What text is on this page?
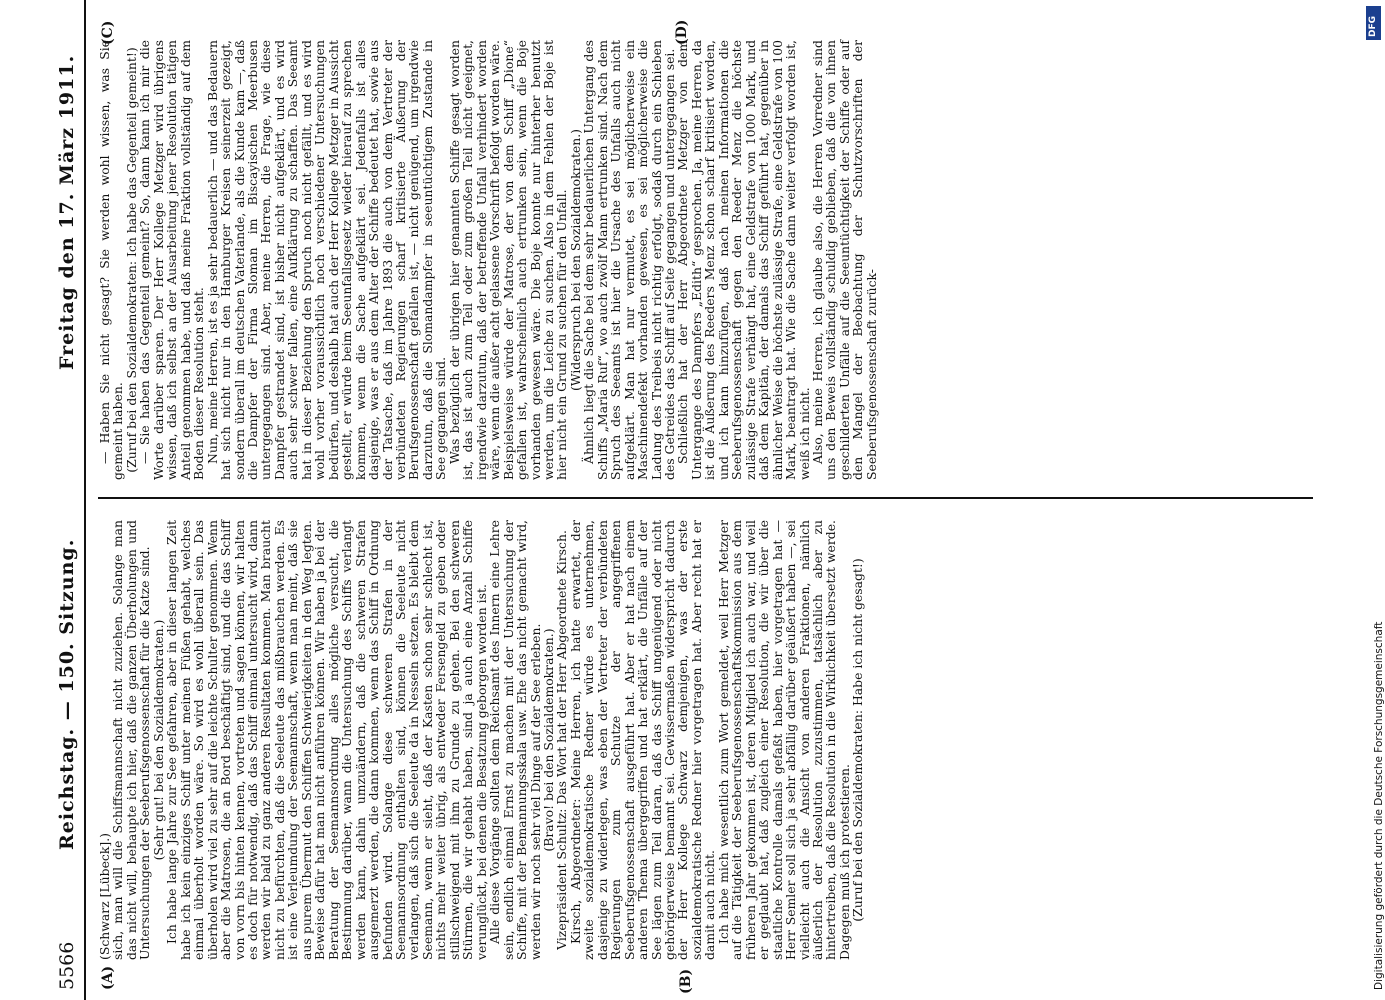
5566
Reichstag. — 150. Sitzung.
Freitag den 17. März 1911.
(A)	(B)
(C)	(D)

(Schwarz [Lübeck].)

sich, man will die Schiffsmannschaft nicht zuziehen. Solange man das nicht will, behaupte ich hier, daß die ganzen Überholungen und Untersuchungen der Seeberufsgenossenschaft für die Katze sind.

(Sehr gut! bei den Sozialdemokraten.)

Ich habe lange Jahre zur See gefahren, aber in dieser langen Zeit habe ich kein einziges Schiff unter meinen Füßen gehabt, welches einmal überholt worden wäre. So wird es wohl überall sein. Das überholen wird viel zu sehr auf die leichte Schulter genommen. Wenn aber die Matrosen, die an Bord beschäftigt sind, und die das Schiff von vorn bis hinten kennen, vortreten und sagen können, wir halten es doch für notwendig, daß das Schiff einmal untersucht wird, dann werden wir bald zu ganz anderen Resultaten kommen. Man braucht nicht zu befürchten, daß die Seeleute das mißbrauchen werden. Es ist eine Verleumdung der Seemannschaft, wenn man meint, daß sie aus purem Übermut den Schiffen Schwierigkeiten in den Weg legten. Beweise dafür hat man nicht anführen können. Wir haben ja bei der Beratung der Seemannsordnung alles mögliche versucht, die Bestimmung darüber, wann die Untersuchung des Schiffs verlangt werden kann, dahin umzuändern, daß die schweren Strafen ausgemerzt werden, die dann kommen, wenn das Schiff in Ordnung befunden wird. Solange diese schweren Strafen in der Seemannsordnung enthalten sind, können die Seeleute nicht verlangen, daß sich die Seeleute da in Nesseln setzen. Es bleibt dem Seemann, wenn er sieht, daß der Kasten schon sehr schlecht ist, nichts mehr weiter übrig, als entweder Fersengeld zu geben oder stillschweigend mit ihm zu Grunde zu gehen. Bei den schweren Stürmen, die wir gehabt haben, sind ja auch eine Anzahl Schiffe verunglückt, bei denen die Besatzung geborgen worden ist.

Alle diese Vorgänge sollten dem Reichsamt des Innern eine Lehre sein, endlich einmal Ernst zu machen mit der Untersuchung der Schiffe, mit der Bemannungsskala usw. Ehe das nicht gemacht wird, werden wir noch sehr viel Dinge auf der See erleben.

(Bravo! bei den Sozialdemokraten.)

Vizepräsident Schultz: Das Wort hat der Herr Abgeordnete Kirsch.

Kirsch, Abgeordneter: Meine Herren, ich hatte erwartet, der zweite sozialdemokratische Redner würde es unternehmen, dasjenige zu widerlegen, was eben der Vertreter der verbündeten Regierungen zum Schutze der angegriffenen Seeberufsgenossenschaft ausgeführt hat. Aber er hat nach einem anderen Thema übergegriffen und hat erklärt, die Unfälle auf der See lägen zum Teil daran, daß das Schiff ungenügend oder nicht gehörigerweise bemannt sei. Gewissermaßen widerspricht dadurch der Herr Kollege Schwarz demjenigen, was der erste sozialdemokratische Redner hier vorgetragen hat. Aber recht hat er damit auch nicht.

Ich habe mich wesentlich zum Wort gemeldet, weil Herr Metzger auf die Tätigkeit der Seeberufsgenossenschaftskommission aus dem früheren Jahr gekommen ist, deren Mitglied ich auch war, und weil er geglaubt hat, daß zugleich einer Resolution, die wir über die staatliche Kontrolle damals gefaßt haben, hier vorgetragen hat — Herr Semler soll sich ja sehr abfällig darüber geäußert haben —, sei vielleicht auch die Ansicht von anderen Fraktionen, nämlich äußerlich der Resolution zuzustimmen, tatsächlich aber zu hintertreiben, daß die Resolution in die Wirklichkeit übersetzt werde. Dagegen muß ich protestieren.

(Zuruf bei den Sozialdemokraten: Habe ich nicht gesagt!)

— Haben Sie nicht gesagt? Sie werden wohl wissen, was Sie gemeint haben.

(Zuruf bei den Sozialdemokraten: Ich habe das Gegenteil gemeint!)

— Sie haben das Gegenteil gemeint? So, dann kann ich mir die Worte darüber sparen. Der Herr Kollege Metzger wird übrigens wissen, daß ich selbst an der Ausarbeitung jener Resolution tätigen Anteil genommen habe, und daß meine Fraktion vollständig auf dem Boden dieser Resolution steht.

Nun, meine Herren, ist es ja sehr bedauerlich — und das Bedauern hat sich nicht nur in den Hamburger Kreisen seinerzeit gezeigt, sondern überall im deutschen Vaterlande, als die Kunde kam —, daß die Dampfer der Firma Sloman im Biscayischen Meerbusen untergegangen sind. Aber, meine Herren, die Frage, wie diese Dampfer gestrandet sind, ist bisher nicht aufgeklärt, und es wird auch sehr schwer fallen, eine Aufklärung zu schaffen. Das Seeamt hat in dieser Beziehung den Spruch noch nicht gefällt, und es wird wohl vorher voraussichtlich noch verschiedener Untersuchungen bedürfen, und deshalb hat auch der Herr Kollege Metzger in Aussicht gestellt, er würde beim Seeunfallsgesetz wieder hierauf zu sprechen kommen, wenn die Sache aufgeklärt sei. Jedenfalls ist alles dasjenige, was er aus dem Alter der Schiffe bedeutet hat, sowie aus der Tatsache, daß im Jahre 1893 die auch von dem Vertreter der verbündeten Regierungen scharf kritisierte Äußerung der Berufsgenossenschaft gefallen ist, — nicht genügend, um irgendwie darzutun, daß die Slomandampfer in seeuntüchtigem Zustande in See gegangen sind.

Was bezüglich der übrigen hier genannten Schiffe gesagt worden ist, das ist auch zum Teil oder zum großen Teil nicht geeignet, irgendwie darzutun, daß der betreffende Unfall verhindert worden wäre, wenn die außer acht gelassene Vorschrift befolgt worden wäre. Beispielsweise würde der Matrose, der von dem Schiff „Dione“ gefallen ist, wahrscheinlich auch ertrunken sein, wenn die Boje vorhanden gewesen wäre. Die Boje konnte nur hinterher benutzt werden, um die Leiche zu suchen. Also in dem Fehlen der Boje ist hier nicht ein Grund zu suchen für den Unfall.

(Widerspruch bei den Sozialdemokraten.)

Ähnlich liegt die Sache bei dem sehr bedauerlichen Untergang des Schiffs „Maria Ruf“, wo auch zwölf Mann ertrunken sind. Nach dem Spruch des Seeamts ist hier die Ursache des Unfalls auch nicht aufgeklärt. Man hat nur vermutet, es sei möglicherweise ein Maschinendefekt vorhanden gewesen, es sei möglicherweise die Ladung des Treibeis nicht richtig erfolgt, sodaß durch ein Schieben des Getreides das Schiff auf Seite gegangen und untergegangen sei.

Schließlich hat der Herr Abgeordnete Metzger von dem Untergange des Dampfers „Edith“ gesprochen. Ja, meine Herren, da ist die Äußerung des Reeders Menz schon scharf kritisiert worden, und ich kann hinzufügen, daß nach meinen Informationen die Seeberufsgenossenschaft gegen den Reeder Menz die höchste zulässige Strafe verhängt hat, eine Geldstrafe von 1000 Mark, und daß dem Kapitän, der damals das Schiff geführt hat, gegenüber in ähnlicher Weise die höchste zulässige Strafe, eine Geldstrafe von 100 Mark, beantragt hat. Wie die Sache dann weiter verfolgt worden ist, weiß ich nicht.

Also, meine Herren, ich glaube also, die Herren Vorredner sind uns den Beweis vollständig schuldig geblieben, daß die von ihnen geschilderten Unfälle auf die Seeuntüchtigkeit der Schiffe oder auf den Mangel der Beobachtung der Schutzvorschriften der Seeberufsgenossenschaft zurück-

DFG
Digitalisierung gefördert durch die Deutsche Forschungsgemeinschaft
